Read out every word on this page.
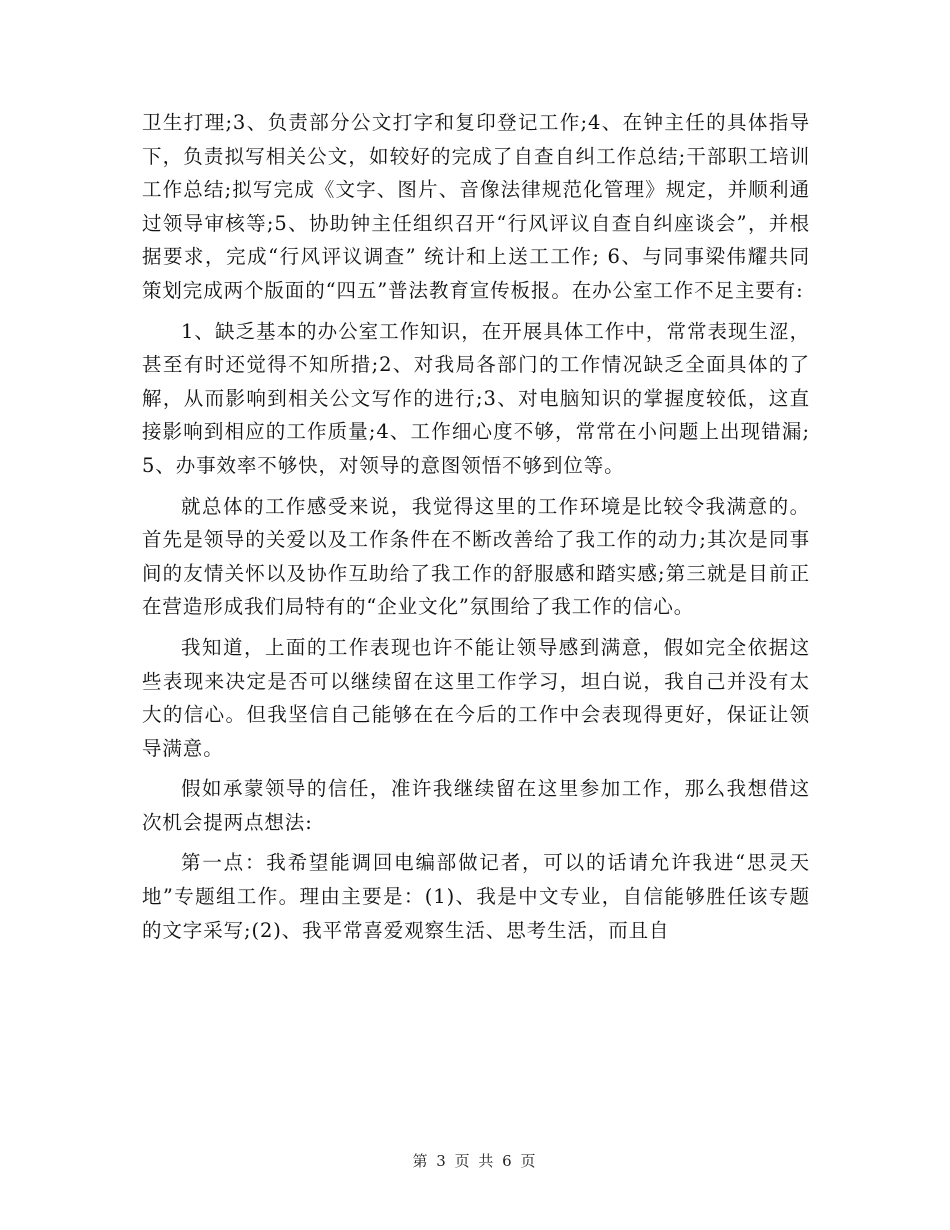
卫生打理;3、负责部分公文打字和复印登记工作;4、在钟主任的具体指导下，负责拟写相关公文，如较好的完成了自查自纠工作总结;干部职工培训工作总结;拟写完成《文字、图片、音像法律规范化管理》规定，并顺利通过领导审核等;5、协助钟主任组织召开“行风评议自查自纠座谈会”，并根据要求，完成“行风评议调查” 统计和上送工工作; 6、与同事梁伟耀共同策划完成两个版面的“四五”普法教育宣传板报。在办公室工作不足主要有:

1、缺乏基本的办公室工作知识，在开展具体工作中，常常表现生涩，甚至有时还觉得不知所措;2、对我局各部门的工作情况缺乏全面具体的了解，从而影响到相关公文写作的进行;3、对电脑知识的掌握度较低，这直接影响到相应的工作质量;4、工作细心度不够，常常在小问题上出现错漏;5、办事效率不够快，对领导的意图领悟不够到位等。

就总体的工作感受来说，我觉得这里的工作环境是比较令我满意的。首先是领导的关爱以及工作条件在不断改善给了我工作的动力;其次是同事间的友情关怀以及协作互助给了我工作的舒服感和踏实感;第三就是目前正在营造形成我们局特有的“企业文化”氛围给了我工作的信心。

我知道，上面的工作表现也许不能让领导感到满意，假如完全依据这些表现来决定是否可以继续留在这里工作学习，坦白说，我自己并没有太大的信心。但我坚信自己能够在在今后的工作中会表现得更好，保证让领导满意。

假如承蒙领导的信任，准许我继续留在这里参加工作，那么我想借这次机会提两点想法:

第一点：我希望能调回电编部做记者，可以的话请允许我进“思灵天地”专题组工作。理由主要是：(1)、我是中文专业，自信能够胜任该专题的文字采写;(2)、我平常喜爱观察生活、思考生活，而且自

第 3 页 共 6 页
